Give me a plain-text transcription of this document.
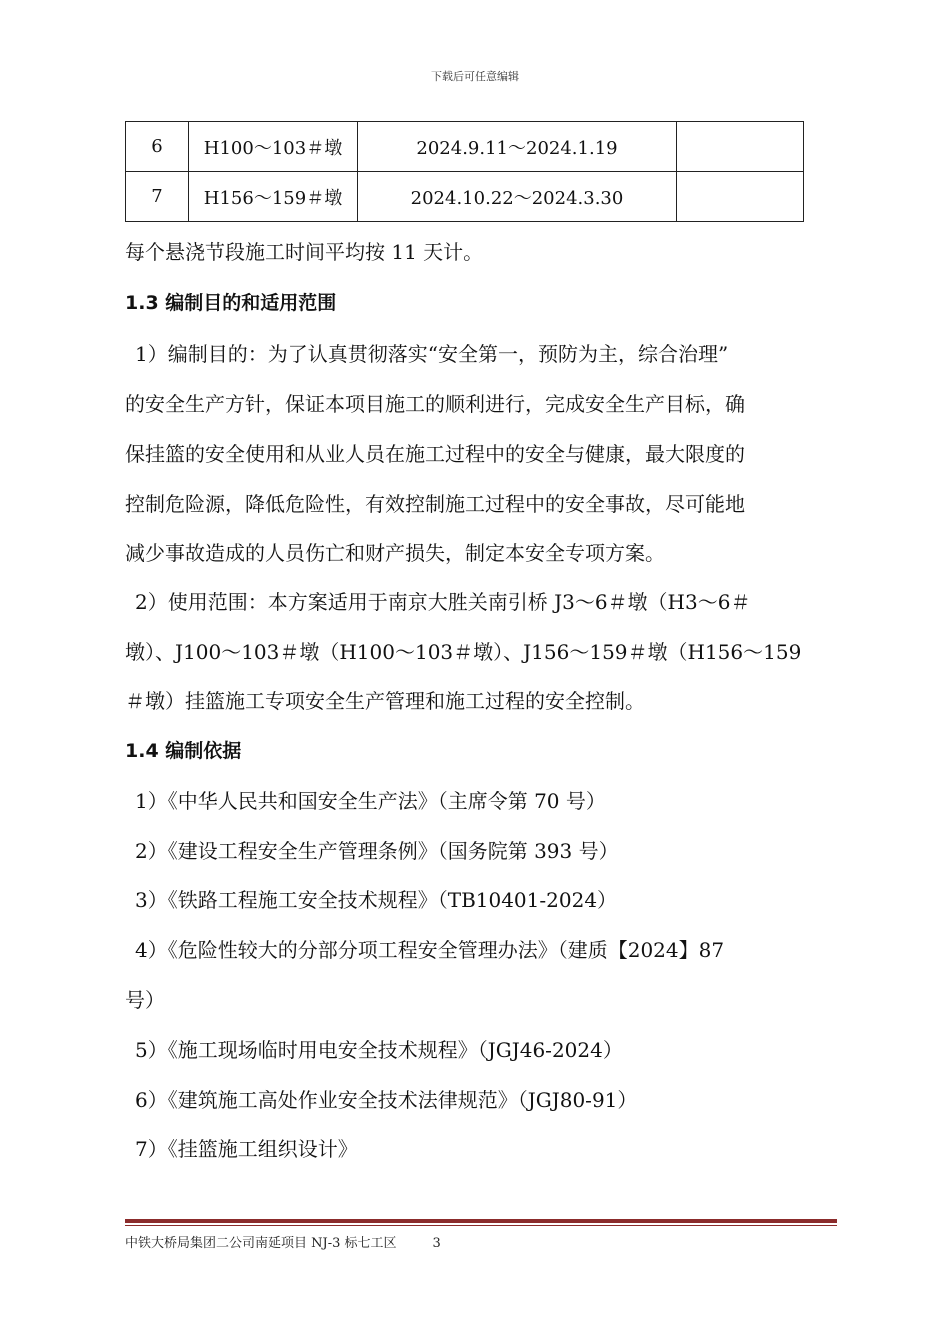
下载后可任意编辑
6	H100～103＃墩	2024.9.11～2024.1.19	
7	H156～159＃墩	2024.10.22～2024.3.30	
每个悬浇节段施工时间平均按 11 天计。
1.3 编制目的和适用范围
1）编制目的：为了认真贯彻落实“安全第一，预防为主，综合治理”
的安全生产方针，保证本项目施工的顺利进行，完成安全生产目标，确
保挂篮的安全使用和从业人员在施工过程中的安全与健康，最大限度的
控制危险源，降低危险性，有效控制施工过程中的安全事故，尽可能地
减少事故造成的人员伤亡和财产损失，制定本安全专项方案。
2）使用范围：本方案适用于南京大胜关南引桥 J3～6＃墩（H3～6＃
墩）、J100～103＃墩（H100～103＃墩）、J156～159＃墩（H156～159
＃墩）挂篮施工专项安全生产管理和施工过程的安全控制。
1.4 编制依据
1）《中华人民共和国安全生产法》（主席令第 70 号）
2）《建设工程安全生产管理条例》（国务院第 393 号）
3）《铁路工程施工安全技术规程》（TB10401-2024）
4）《危险性较大的分部分项工程安全管理办法》（建质【2024】87
号）
5）《施工现场临时用电安全技术规程》（JGJ46-2024）
6）《建筑施工高处作业安全技术法律规范》（JGJ80-91）
7）《挂篮施工组织设计》
中铁大桥局集团二公司南延项目 NJ-3 标七工区	3
